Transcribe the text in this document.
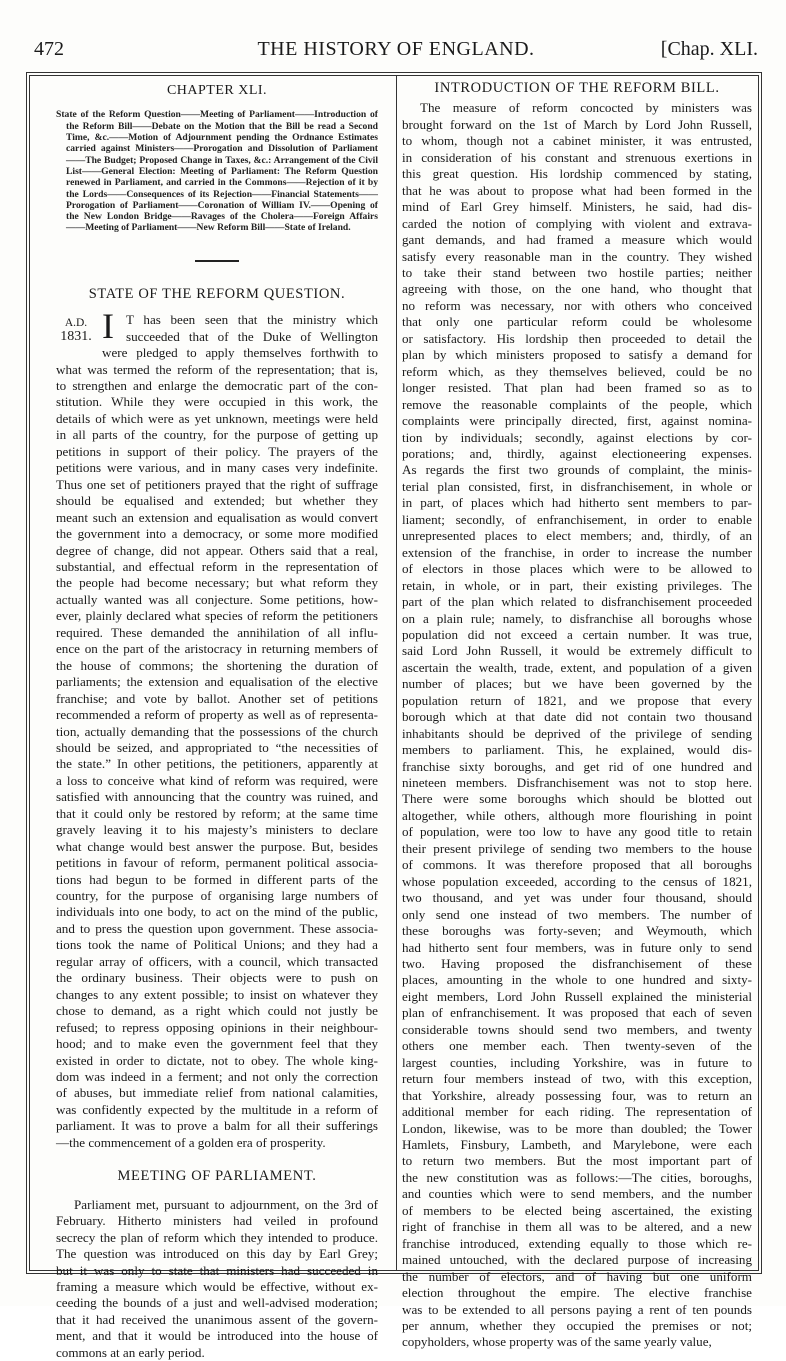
472	THE HISTORY OF ENGLAND.	[Chap. XLI.
CHAPTER XLI.
State of the Reform Question——Meeting of Parliament——Introduction of the Reform Bill——Debate on the Motion that the Bill be read a Second Time, &c.——Motion of Adjournment pending the Ordnance Estimates carried against Ministers——Prorogation and Dissolution of Parliament——The Budget; Proposed Change in Taxes, &c.: Arrangement of the Civil List——General Election: Meeting of Parliament: The Reform Question renewed in Parliament, and carried in the Commons——Rejection of it by the Lords——Consequences of its Rejection——Financial Statements——Prorogation of Parliament——Coronation of William IV.——Opening of the New London Bridge——Ravages of the Cholera——Foreign Affairs——Meeting of Parliament——New Reform Bill——State of Ireland.
STATE OF THE REFORM QUESTION.
A.D.
1831. I T has been seen that the ministry which
succeeded that of the Duke of Wellington
were pledged to apply themselves forthwith to
what was termed the reform of the representation; that is,
to strengthen and enlarge the democratic part of the con-
stitution. While they were occupied in this work, the
details of which were as yet unknown, meetings were held
in all parts of the country, for the purpose of getting up
petitions in support of their policy. The prayers of the
petitions were various, and in many cases very indefinite.
Thus one set of petitioners prayed that the right of suffrage
should be equalised and extended; but whether they
meant such an extension and equalisation as would convert
the government into a democracy, or some more modified
degree of change, did not appear. Others said that a real,
substantial, and effectual reform in the representation of
the people had become necessary; but what reform they
actually wanted was all conjecture. Some petitions, how-
ever, plainly declared what species of reform the petitioners
required. These demanded the annihilation of all influ-
ence on the part of the aristocracy in returning members of
the house of commons; the shortening the duration of
parliaments; the extension and equalisation of the elective
franchise; and vote by ballot. Another set of petitions
recommended a reform of property as well as of representa-
tion, actually demanding that the possessions of the church
should be seized, and appropriated to “the necessities of
the state.” In other petitions, the petitioners, apparently at
a loss to conceive what kind of reform was required, were
satisfied with announcing that the country was ruined, and
that it could only be restored by reform; at the same time
gravely leaving it to his majesty’s ministers to declare
what change would best answer the purpose. But, besides
petitions in favour of reform, permanent political associa-
tions had begun to be formed in different parts of the
country, for the purpose of organising large numbers of
individuals into one body, to act on the mind of the public,
and to press the question upon government. These associa-
tions took the name of Political Unions; and they had a
regular array of officers, with a council, which transacted
the ordinary business. Their objects were to push on
changes to any extent possible; to insist on whatever they
chose to demand, as a right which could not justly be
refused; to repress opposing opinions in their neighbour-
hood; and to make even the government feel that they
existed in order to dictate, not to obey. The whole king-
dom was indeed in a ferment; and not only the correction
of abuses, but immediate relief from national calamities,
was confidently expected by the multitude in a reform of
parliament. It was to prove a balm for all their sufferings
—the commencement of a golden era of prosperity.
MEETING OF PARLIAMENT.
Parliament met, pursuant to adjournment, on the 3rd of
February. Hitherto ministers had veiled in profound
secrecy the plan of reform which they intended to produce.
The question was introduced on this day by Earl Grey;
but it was only to state that ministers had succeeded in
framing a measure which would be effective, without ex-
ceeding the bounds of a just and well-advised moderation;
that it had received the unanimous assent of the govern-
ment, and that it would be introduced into the house of
commons at an early period.
INTRODUCTION OF THE REFORM BILL.
The measure of reform concocted by ministers was
brought forward on the 1st of March by Lord John Russell,
to whom, though not a cabinet minister, it was entrusted,
in consideration of his constant and strenuous exertions in
this great question. His lordship commenced by stating,
that he was about to propose what had been formed in the
mind of Earl Grey himself. Ministers, he said, had dis-
carded the notion of complying with violent and extrava-
gant demands, and had framed a measure which would
satisfy every reasonable man in the country. They wished
to take their stand between two hostile parties; neither
agreeing with those, on the one hand, who thought that
no reform was necessary, nor with others who conceived
that only one particular reform could be wholesome
or satisfactory. His lordship then proceeded to detail the
plan by which ministers proposed to satisfy a demand for
reform which, as they themselves believed, could be no
longer resisted. That plan had been framed so as to
remove the reasonable complaints of the people, which
complaints were principally directed, first, against nomina-
tion by individuals; secondly, against elections by cor-
porations; and, thirdly, against electioneering expenses.
As regards the first two grounds of complaint, the minis-
terial plan consisted, first, in disfranchisement, in whole or
in part, of places which had hitherto sent members to par-
liament; secondly, of enfranchisement, in order to enable
unrepresented places to elect members; and, thirdly, of an
extension of the franchise, in order to increase the number
of electors in those places which were to be allowed to
retain, in whole, or in part, their existing privileges. The
part of the plan which related to disfranchisement proceeded
on a plain rule; namely, to disfranchise all boroughs whose
population did not exceed a certain number. It was true,
said Lord John Russell, it would be extremely difficult to
ascertain the wealth, trade, extent, and population of a given
number of places; but we have been governed by the
population return of 1821, and we propose that every
borough which at that date did not contain two thousand
inhabitants should be deprived of the privilege of sending
members to parliament. This, he explained, would dis-
franchise sixty boroughs, and get rid of one hundred and
nineteen members. Disfranchisement was not to stop here.
There were some boroughs which should be blotted out
altogether, while others, although more flourishing in point
of population, were too low to have any good title to retain
their present privilege of sending two members to the house
of commons. It was therefore proposed that all boroughs
whose population exceeded, according to the census of 1821,
two thousand, and yet was under four thousand, should
only send one instead of two members. The number of
these boroughs was forty-seven; and Weymouth, which
had hitherto sent four members, was in future only to send
two. Having proposed the disfranchisement of these
places, amounting in the whole to one hundred and sixty-
eight members, Lord John Russell explained the ministerial
plan of enfranchisement. It was proposed that each of seven
considerable towns should send two members, and twenty
others one member each. Then twenty-seven of the
largest counties, including Yorkshire, was in future to
return four members instead of two, with this exception,
that Yorkshire, already possessing four, was to return an
additional member for each riding. The representation of
London, likewise, was to be more than doubled; the Tower
Hamlets, Finsbury, Lambeth, and Marylebone, were each
to return two members. But the most important part of
the new constitution was as follows:—The cities, boroughs,
and counties which were to send members, and the number
of members to be elected being ascertained, the existing
right of franchise in them all was to be altered, and a new
franchise introduced, extending equally to those which re-
mained untouched, with the declared purpose of increasing
the number of electors, and of having but one uniform
election throughout the empire. The elective franchise
was to be extended to all persons paying a rent of ten pounds
per annum, whether they occupied the premises or not;
copyholders, whose property was of the same yearly value,
